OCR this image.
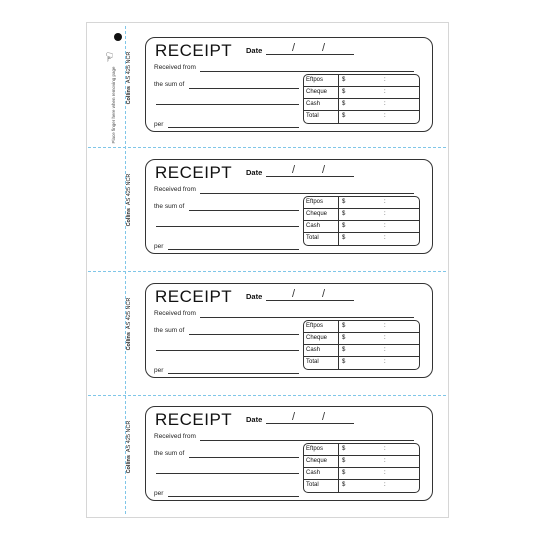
☜
Place finger here when removing page	CollinsAS 425 NCR
RECEIPT Date	/ /
Received from
the sum of
per
Eftpos	$	:
Cheque	$	:
Cash	$	:
Total	$	:
CollinsAS 425 NCR
RECEIPT Date	/ /
Received from
the sum of
per
Eftpos	$	:
Cheque	$	:
Cash	$	:
Total	$	:
CollinsAS 425 NCR
RECEIPT Date	/ /
Received from
the sum of
per
Eftpos	$	:
Cheque	$	:
Cash	$	:
Total	$	:
CollinsAS 425 NCR
RECEIPT Date	/ /
Received from
the sum of
per
Eftpos	$	:
Cheque	$	:
Cash	$	:
Total	$	:
